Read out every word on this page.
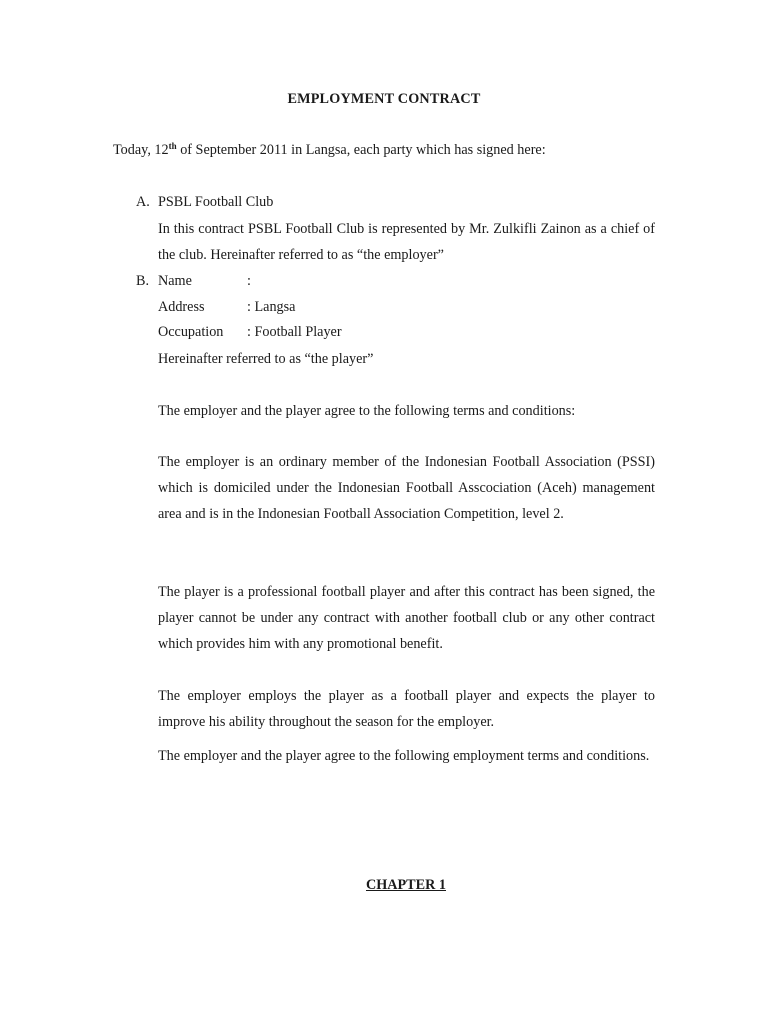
EMPLOYMENT CONTRACT
Today, 12th of September 2011 in Langsa, each party which has signed here:
A. PSBL Football Club
In this contract PSBL Football Club is represented by Mr. Zulkifli Zainon as a chief of the club. Hereinafter referred to as “the employer”
B. Name	:
Address	: Langsa
Occupation : Football Player
Hereinafter referred to as “the player”
The employer and the player agree to the following terms and conditions:
The employer is an ordinary member of the Indonesian Football Association (PSSI) which is domiciled under the Indonesian Football Asscociation (Aceh) management area and is in the Indonesian Football Association Competition, level 2.
The player is a professional football player and after this contract has been signed, the player cannot be under any contract with another football club or any other contract which provides him with any promotional benefit.
The employer employs the player as a football player and expects the player to improve his ability throughout the season for the employer.
The employer and the player agree to the following employment terms and conditions.
CHAPTER 1
